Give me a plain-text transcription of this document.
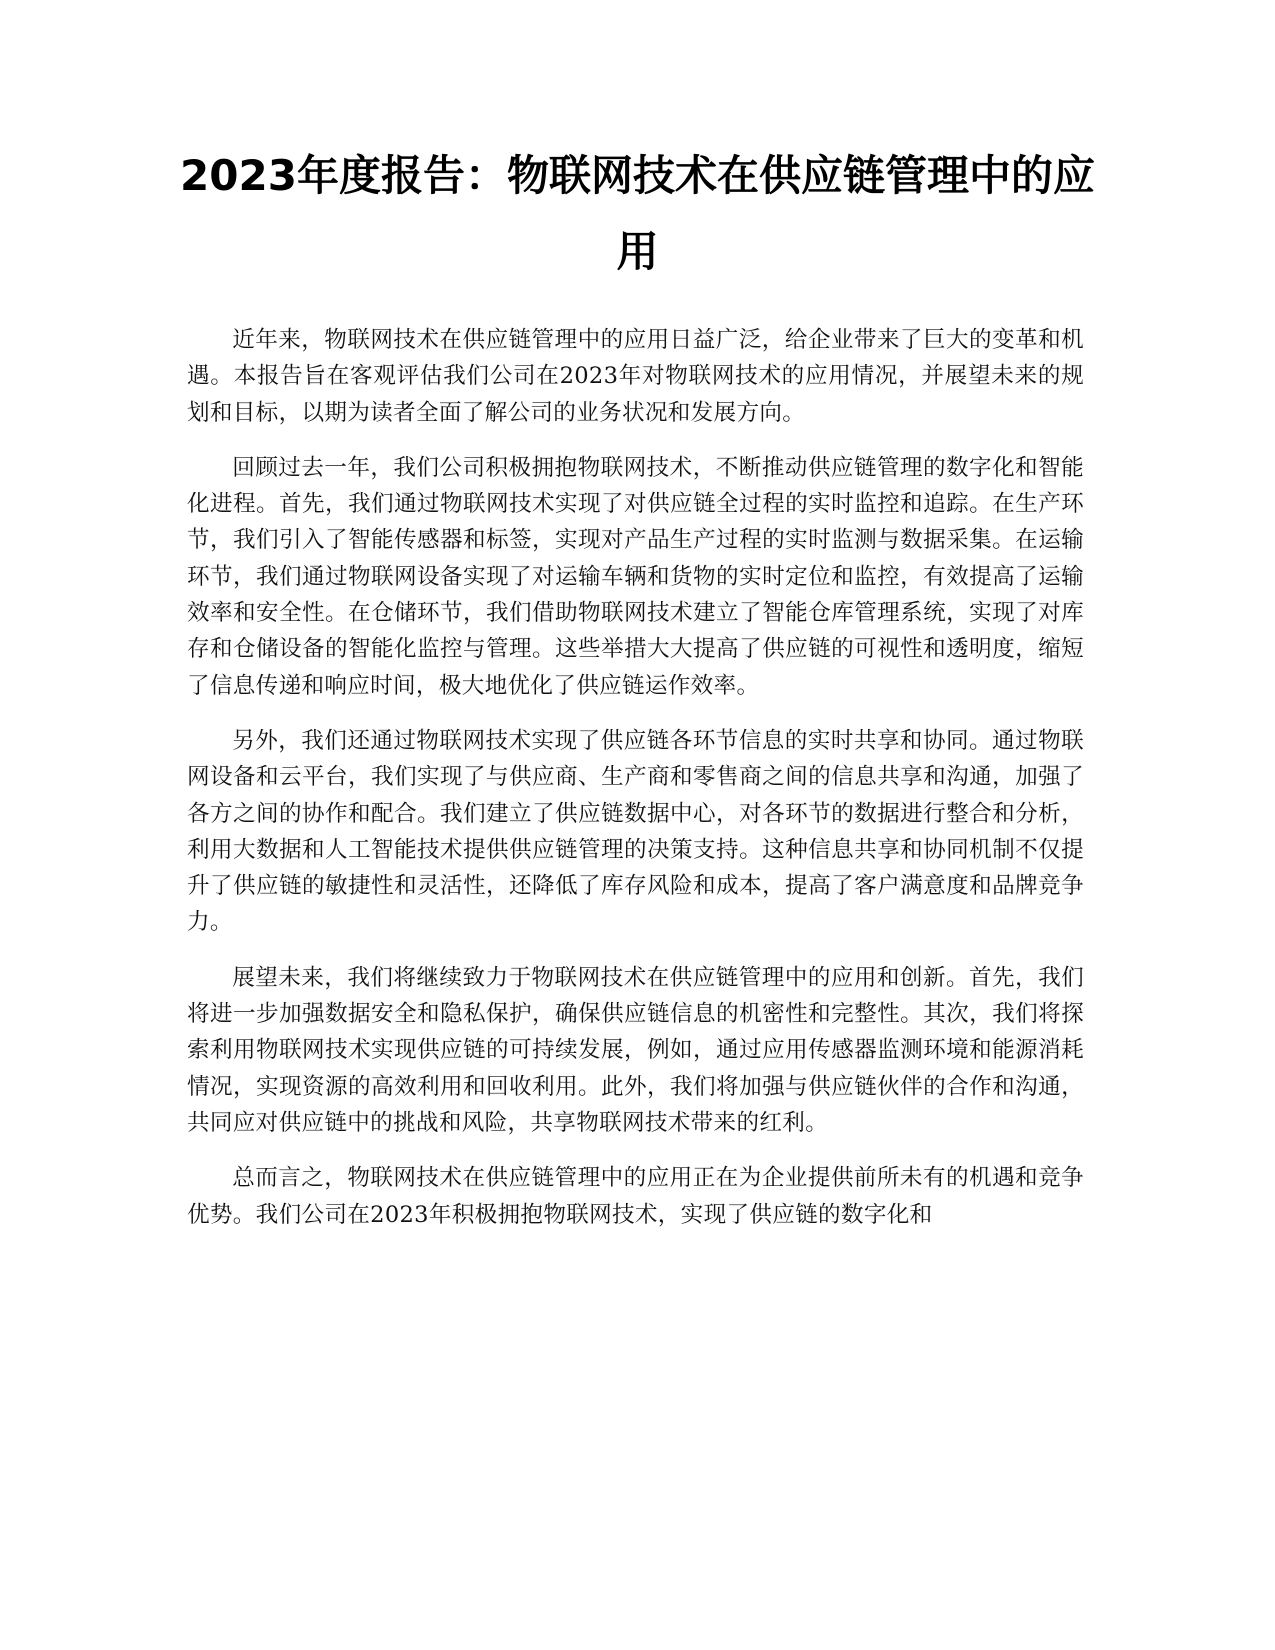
2023年度报告：物联网技术在供应链管理中的应用

近年来，物联网技术在供应链管理中的应用日益广泛，给企业带来了巨大的变革和机遇。本报告旨在客观评估我们公司在2023年对物联网技术的应用情况，并展望未来的规划和目标，以期为读者全面了解公司的业务状况和发展方向。

回顾过去一年，我们公司积极拥抱物联网技术，不断推动供应链管理的数字化和智能化进程。首先，我们通过物联网技术实现了对供应链全过程的实时监控和追踪。在生产环节，我们引入了智能传感器和标签，实现对产品生产过程的实时监测与数据采集。在运输环节，我们通过物联网设备实现了对运输车辆和货物的实时定位和监控，有效提高了运输效率和安全性。在仓储环节，我们借助物联网技术建立了智能仓库管理系统，实现了对库存和仓储设备的智能化监控与管理。这些举措大大提高了供应链的可视性和透明度，缩短了信息传递和响应时间，极大地优化了供应链运作效率。

另外，我们还通过物联网技术实现了供应链各环节信息的实时共享和协同。通过物联网设备和云平台，我们实现了与供应商、生产商和零售商之间的信息共享和沟通，加强了各方之间的协作和配合。我们建立了供应链数据中心，对各环节的数据进行整合和分析，利用大数据和人工智能技术提供供应链管理的决策支持。这种信息共享和协同机制不仅提升了供应链的敏捷性和灵活性，还降低了库存风险和成本，提高了客户满意度和品牌竞争力。

展望未来，我们将继续致力于物联网技术在供应链管理中的应用和创新。首先，我们将进一步加强数据安全和隐私保护，确保供应链信息的机密性和完整性。其次，我们将探索利用物联网技术实现供应链的可持续发展，例如，通过应用传感器监测环境和能源消耗情况，实现资源的高效利用和回收利用。此外，我们将加强与供应链伙伴的合作和沟通，共同应对供应链中的挑战和风险，共享物联网技术带来的红利。

总而言之，物联网技术在供应链管理中的应用正在为企业提供前所未有的机遇和竞争优势。我们公司在2023年积极拥抱物联网技术，实现了供应链的数字化和
